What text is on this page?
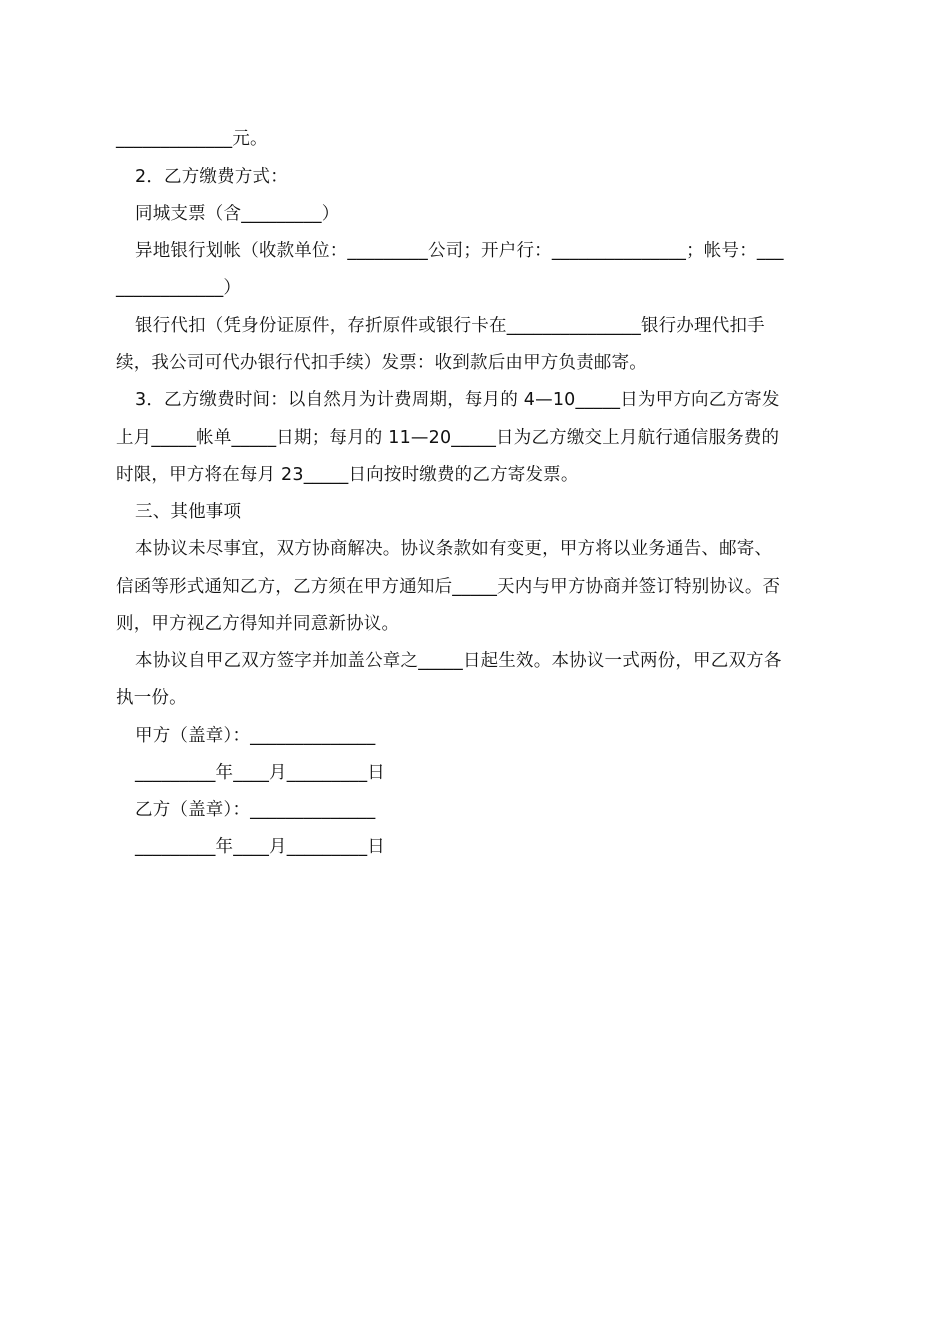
_____________元。
2．乙方缴费方式：
同城支票（含_________）
异地银行划帐（收款单位：_________公司；开户行：_______________；帐号：___
____________）
银行代扣（凭身份证原件，存折原件或银行卡在_______________银行办理代扣手
续，我公司可代办银行代扣手续）发票：收到款后由甲方负责邮寄。
3．乙方缴费时间：以自然月为计费周期，每月的 4—10_____日为甲方向乙方寄发
上月_____帐单_____日期；每月的 11—20_____日为乙方缴交上月航行通信服务费的
时限，甲方将在每月 23_____日向按时缴费的乙方寄发票。
三、其他事项
本协议未尽事宜，双方协商解决。协议条款如有变更，甲方将以业务通告、邮寄、
信函等形式通知乙方，乙方须在甲方通知后_____天内与甲方协商并签订特别协议。否
则，甲方视乙方得知并同意新协议。
本协议自甲乙双方签字并加盖公章之_____日起生效。本协议一式两份，甲乙双方各
执一份。
甲方（盖章）：______________
_________年____月_________日
乙方（盖章）：______________
_________年____月_________日
